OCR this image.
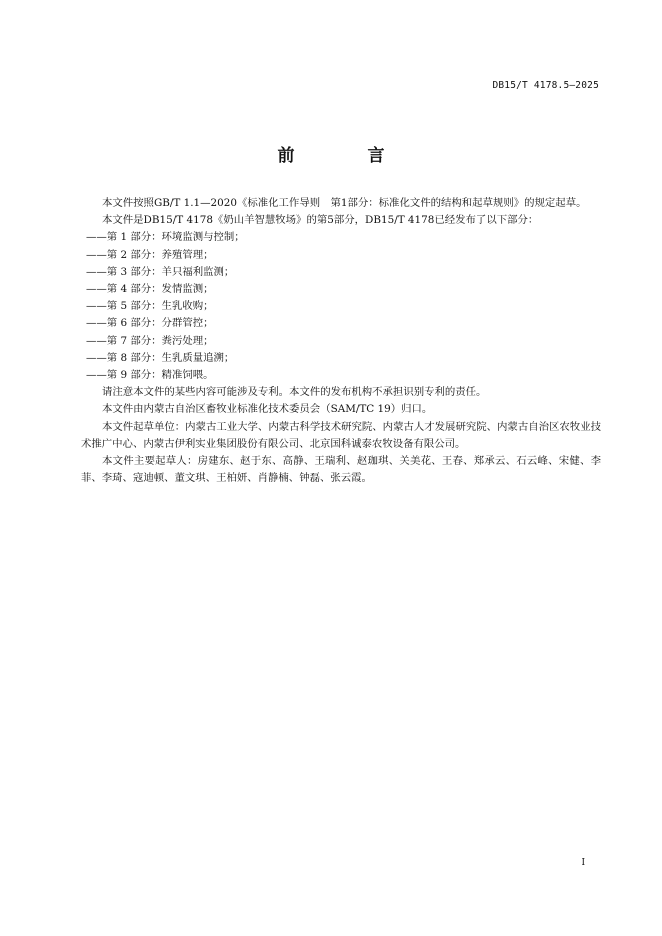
DB15/T 4178.5—2025
前　言

本文件按照GB/T 1.1—2020《标准化工作导则　第1部分：标准化文件的结构和起草规则》的规定起草。

本文件是DB15/T 4178《奶山羊智慧牧场》的第5部分，DB15/T 4178已经发布了以下部分：

——第 1 部分：环境监测与控制；

——第 2 部分：养殖管理；

——第 3 部分：羊只福利监测；

——第 4 部分：发情监测；

——第 5 部分：生乳收购；

——第 6 部分：分群管控；

——第 7 部分：粪污处理；

——第 8 部分：生乳质量追溯；

——第 9 部分：精准饲喂。

请注意本文件的某些内容可能涉及专利。本文件的发布机构不承担识别专利的责任。

本文件由内蒙古自治区畜牧业标准化技术委员会（SAM/TC 19）归口。

本文件起草单位：内蒙古工业大学、内蒙古科学技术研究院、内蒙古人才发展研究院、内蒙古自治区农牧业技术推广中心、内蒙古伊利实业集团股份有限公司、北京国科诚泰农牧设备有限公司。

本文件主要起草人：房建东、赵于东、高静、王瑞利、赵珈琪、关美花、王春、郑承云、石云峰、宋健、李菲、李琦、寇迪顿、董文琪、王柏妍、肖静楠、钟磊、张云霞。

I
